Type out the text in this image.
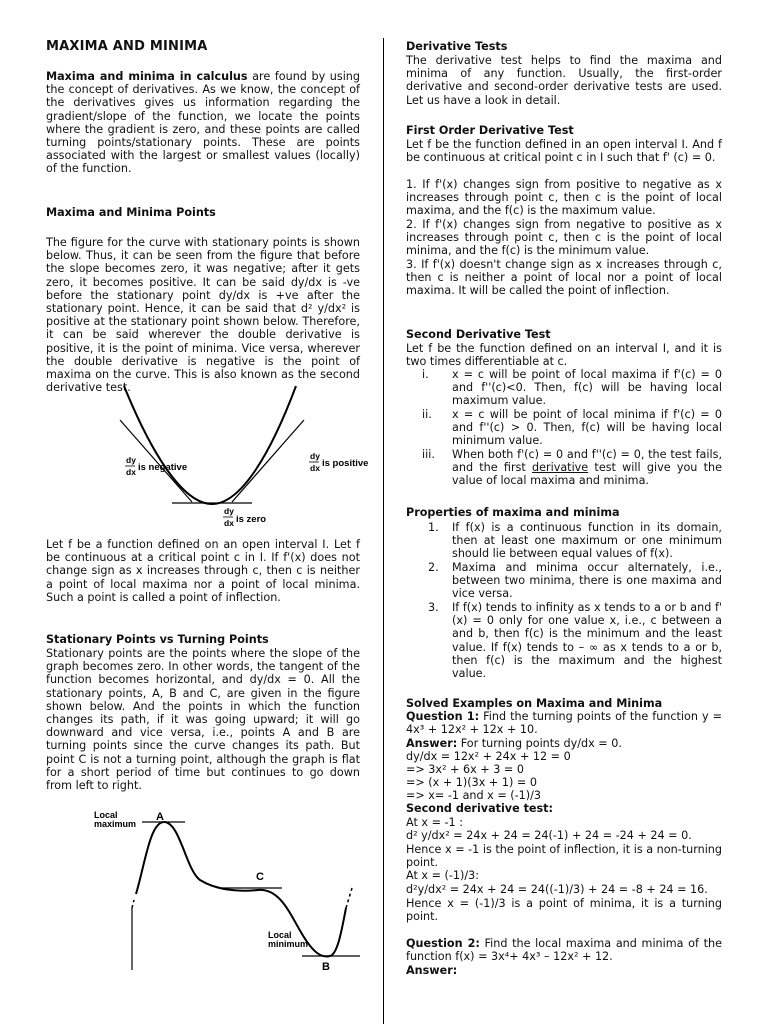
MAXIMA AND MINIMA

Maxima and minima in calculus are found by using the concept of derivatives. As we know, the concept of the derivatives gives us information regarding the gradient/slope of the function, we locate the points where the gradient is zero, and these points are called turning points/stationary points. These are points associated with the largest or smallest values (locally) of the function.

Maxima and Minima Points

The figure for the curve with stationary points is shown below. Thus, it can be seen from the figure that before the slope becomes zero, it was negative; after it gets zero, it becomes positive. It can be said dy/dx is -ve before the stationary point dy/dx is +ve after the stationary point. Hence, it can be said that d² y/dx² is positive at the stationary point shown below. Therefore, it can be said wherever the double derivative is positive, it is the point of minima. Vice versa, wherever the double derivative is negative is the point of maxima on the curve. This is also known as the second derivative test.

dy
dx is negative
dy
dx is positive
dy
dx is zero

Let f be a function defined on an open interval I. Let f be continuous at a critical point c in I. If f'(x) does not change sign as x increases through c, then c is neither a point of local maxima nor a point of local minima. Such a point is called a point of inflection.

Stationary Points vs Turning Points

Stationary points are the points where the slope of the graph becomes zero. In other words, the tangent of the function becomes horizontal, and dy/dx = 0. All the stationary points, A, B and C, are given in the figure shown below. And the points in which the function changes its path, if it was going upward; it will go downward and vice versa, i.e., points A and B are turning points since the curve changes its path. But point C is not a turning point, although the graph is flat for a short period of time but continues to go down from left to right.

Local
maximum
A
C
Local
minimum
B
Derivative Tests

The derivative test helps to find the maxima and minima of any function. Usually, the first-order derivative and second-order derivative tests are used. Let us have a look in detail.

First Order Derivative Test

Let f be the function defined in an open interval I. And f be continuous at critical point c in I such that f' (c) = 0.

1. If f'(x) changes sign from positive to negative as x increases through point c, then c is the point of local maxima, and the f(c) is the maximum value.

2. If f'(x) changes sign from negative to positive as x increases through point c, then c is the point of local minima, and the f(c) is the minimum value.

3. If f'(x) doesn't change sign as x increases through c, then c is neither a point of local nor a point of local maxima. It will be called the point of inflection.

Second Derivative Test

Let f be the function defined on an interval I, and it is two times differentiable at c.

i. x = c will be point of local maxima if f'(c) = 0 and f''(c)<0. Then, f(c) will be having local maximum value.
ii. x = c will be point of local minima if f'(c) = 0 and f''(c) > 0. Then, f(c) will be having local minimum value.
iii. When both f'(c) = 0 and f''(c) = 0, the test fails, and the first derivative test will give you the value of local maxima and minima.
Properties of maxima and minima
1. If f(x) is a continuous function in its domain, then at least one maximum or one minimum should lie between equal values of f(x).
2. Maxima and minima occur alternately, i.e., between two minima, there is one maxima and vice versa.
3. If f(x) tends to infinity as x tends to a or b and f' (x) = 0 only for one value x, i.e., c between a and b, then f(c) is the minimum and the least value. If f(x) tends to – ∞ as x tends to a or b, then f(c) is the maximum and the highest value.
Solved Examples on Maxima and Minima

Question 1: Find the turning points of the function y = 4x³ + 12x² + 12x + 10.

Answer: For turning points dy/dx = 0.

dy/dx = 12x² + 24x + 12 = 0

=> 3x² + 6x + 3 = 0

=> (x + 1)(3x + 1) = 0

=> x= -1 and x = (-1)/3

Second derivative test:

At x = -1 :

d² y/dx² = 24x + 24 = 24(-1) + 24 = -24 + 24 = 0.

Hence x = -1 is the point of inflection, it is a non-turning point.

At x = (-1)/3:

d²y/dx² = 24x + 24 = 24((-1)/3) + 24 = -8 + 24 = 16.

Hence x = (-1)/3 is a point of minima, it is a turning point.

Question 2: Find the local maxima and minima of the function f(x) = 3x⁴+ 4x³ – 12x² + 12.

Answer:
